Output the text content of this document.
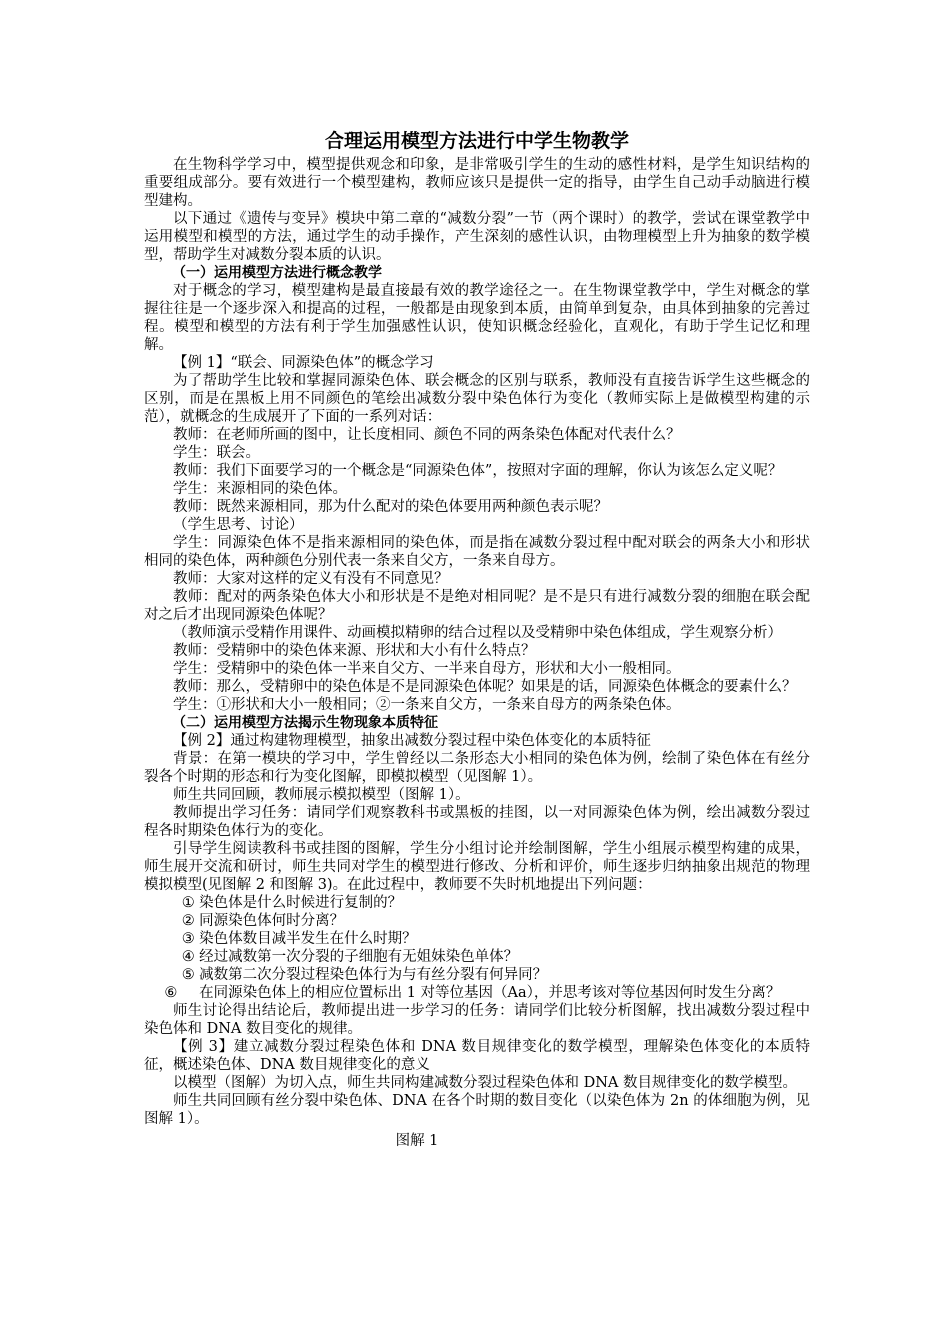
合理运用模型方法进行中学生物教学

在生物科学学习中，模型提供观念和印象，是非常吸引学生的生动的感性材料，是学生知识结构的重要组成部分。要有效进行一个模型建构，教师应该只是提供一定的指导，由学生自己动手动脑进行模型建构。

以下通过《遗传与变异》模块中第二章的“减数分裂”一节（两个课时）的教学，尝试在课堂教学中运用模型和模型的方法，通过学生的动手操作，产生深刻的感性认识，由物理模型上升为抽象的数学模型，帮助学生对减数分裂本质的认识。

（一）运用模型方法进行概念教学

对于概念的学习，模型建构是最直接最有效的教学途径之一。在生物课堂教学中，学生对概念的掌握往往是一个逐步深入和提高的过程，一般都是由现象到本质，由简单到复杂，由具体到抽象的完善过程。模型和模型的方法有利于学生加强感性认识，使知识概念经验化，直观化，有助于学生记忆和理解。

【例 1】“联会、同源染色体”的概念学习

为了帮助学生比较和掌握同源染色体、联会概念的区别与联系，教师没有直接告诉学生这些概念的区别，而是在黑板上用不同颜色的笔绘出减数分裂中染色体行为变化（教师实际上是做模型构建的示范），就概念的生成展开了下面的一系列对话：

教师：在老师所画的图中，让长度相同、颜色不同的两条染色体配对代表什么？

学生：联会。

教师：我们下面要学习的一个概念是“同源染色体”，按照对字面的理解，你认为该怎么定义呢？

学生：来源相同的染色体。

教师：既然来源相同，那为什么配对的染色体要用两种颜色表示呢？

（学生思考、讨论）

学生：同源染色体不是指来源相同的染色体，而是指在减数分裂过程中配对联会的两条大小和形状相同的染色体，两种颜色分别代表一条来自父方，一条来自母方。

教师：大家对这样的定义有没有不同意见？

教师：配对的两条染色体大小和形状是不是绝对相同呢？是不是只有进行减数分裂的细胞在联会配对之后才出现同源染色体呢？

（教师演示受精作用课件、动画模拟精卵的结合过程以及受精卵中染色体组成，学生观察分析）

教师：受精卵中的染色体来源、形状和大小有什么特点？

学生：受精卵中的染色体一半来自父方、一半来自母方，形状和大小一般相同。

教师：那么，受精卵中的染色体是不是同源染色体呢？如果是的话，同源染色体概念的要素什么？

学生：①形状和大小一般相同；②一条来自父方，一条来自母方的两条染色体。

（二）运用模型方法揭示生物现象本质特征

【例 2】通过构建物理模型，抽象出减数分裂过程中染色体变化的本质特征

背景：在第一模块的学习中，学生曾经以二条形态大小相同的染色体为例，绘制了染色体在有丝分裂各个时期的形态和行为变化图解，即模拟模型（见图解 1）。

师生共同回顾，教师展示模拟模型（图解 1）。

教师提出学习任务：请同学们观察教科书或黑板的挂图，以一对同源染色体为例，绘出减数分裂过程各时期染色体行为的变化。

引导学生阅读教科书或挂图的图解，学生分小组讨论并绘制图解，学生小组展示模型构建的成果，师生展开交流和研讨，师生共同对学生的模型进行修改、分析和评价，师生逐步归纳抽象出规范的物理模拟模型(见图解 2 和图解 3)。在此过程中，教师要不失时机地提出下列问题：

① 染色体是什么时候进行复制的？

② 同源染色体何时分离？

③ 染色体数目减半发生在什么时期？

④ 经过减数第一次分裂的子细胞有无姐妹染色单体？

⑤ 减数第二次分裂过程染色体行为与有丝分裂有何异同？

⑥ 在同源染色体上的相应位置标出 1 对等位基因（Aa），并思考该对等位基因何时发生分离？

师生讨论得出结论后，教师提出进一步学习的任务：请同学们比较分析图解，找出减数分裂过程中染色体和 DNA 数目变化的规律。

【例 3】建立减数分裂过程染色体和 DNA 数目规律变化的数学模型，理解染色体变化的本质特征，概述染色体、DNA 数目规律变化的意义

以模型（图解）为切入点，师生共同构建减数分裂过程染色体和 DNA 数目规律变化的数学模型。

师生共同回顾有丝分裂中染色体、DNA 在各个时期的数目变化（以染色体为 2n 的体细胞为例，见图解 1）。

图解 1
